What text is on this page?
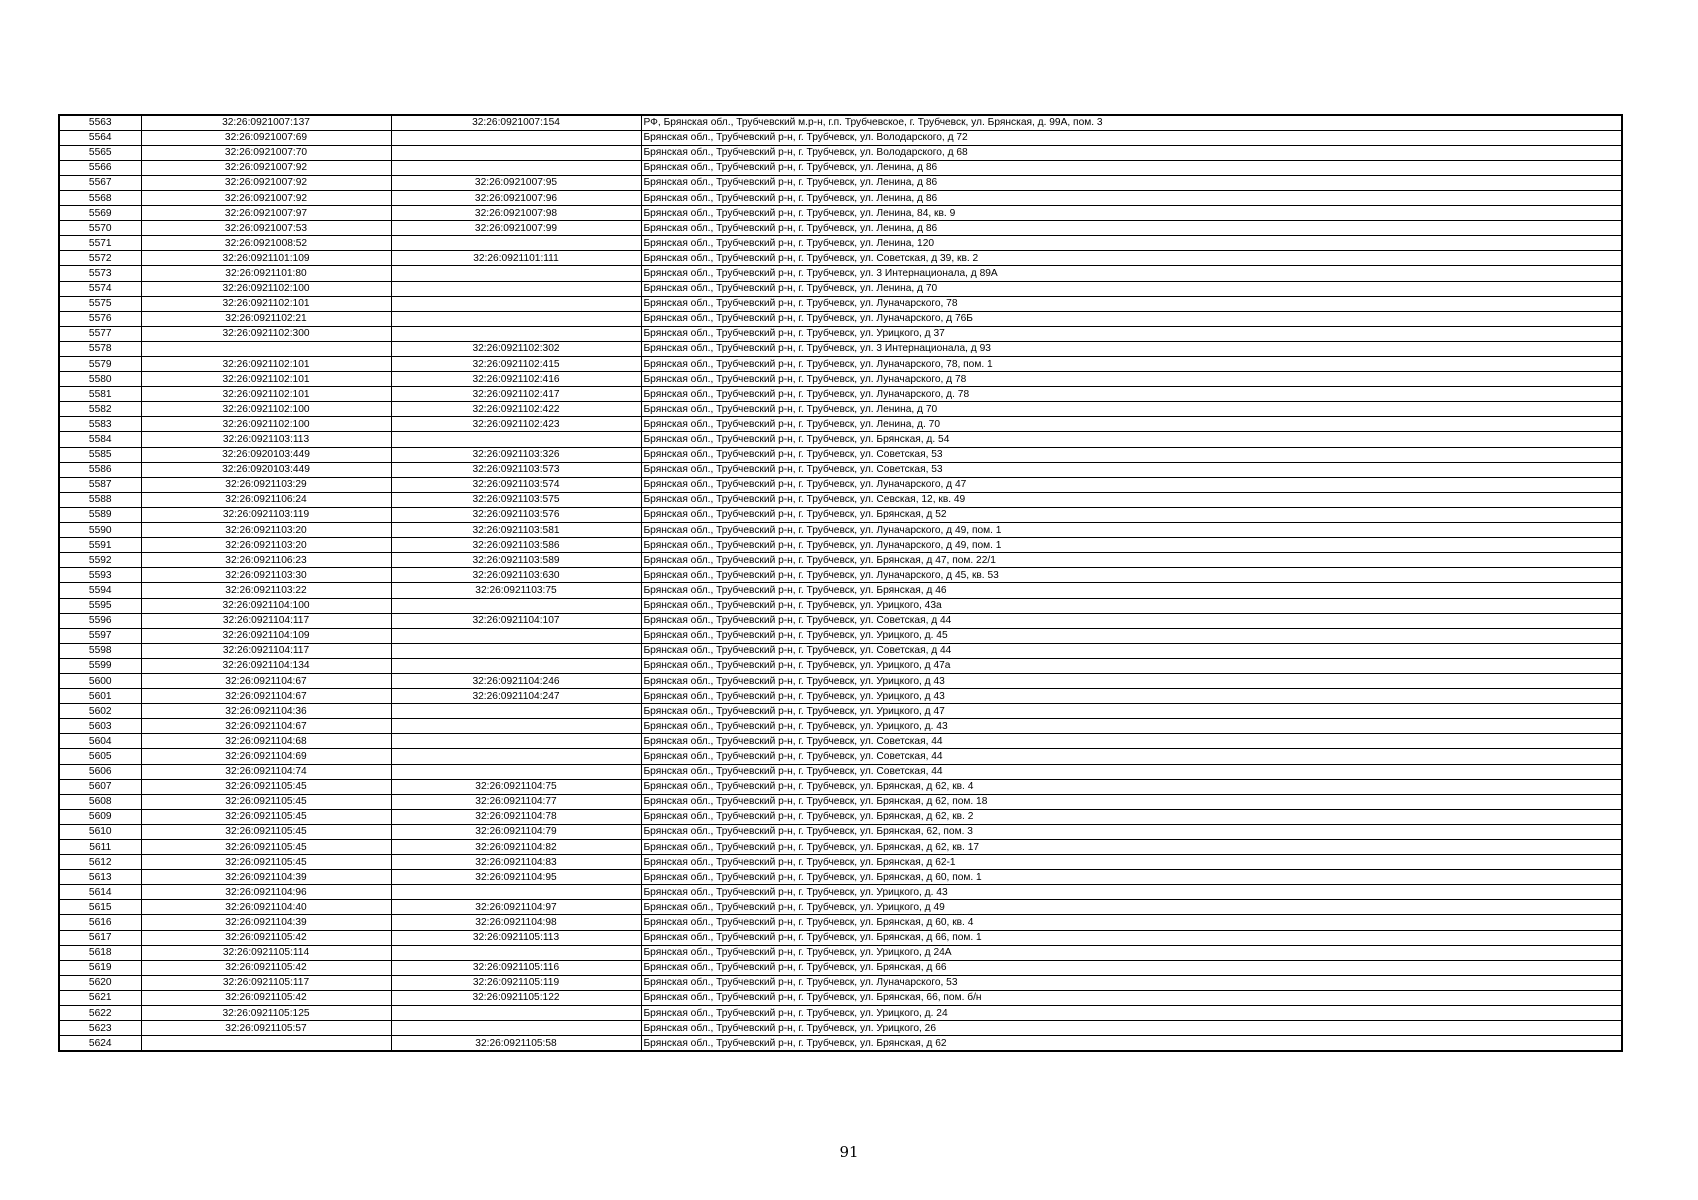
5563	32:26:0921007:137	32:26:0921007:154	РФ, Брянская обл., Трубчевский м.р-н, г.п. Трубчевское, г. Трубчевск, ул. Брянская, д. 99А, пом. 3
5564	32:26:0921007:69		Брянская обл., Трубчевский р-н, г. Трубчевск, ул. Володарского, д 72
5565	32:26:0921007:70		Брянская обл., Трубчевский р-н, г. Трубчевск, ул. Володарского, д 68
5566	32:26:0921007:92		Брянская обл., Трубчевский р-н, г. Трубчевск, ул. Ленина, д 86
5567	32:26:0921007:92	32:26:0921007:95	Брянская обл., Трубчевский р-н, г. Трубчевск, ул. Ленина, д 86
5568	32:26:0921007:92	32:26:0921007:96	Брянская обл., Трубчевский р-н, г. Трубчевск, ул. Ленина, д 86
5569	32:26:0921007:97	32:26:0921007:98	Брянская обл., Трубчевский р-н, г. Трубчевск, ул. Ленина, 84, кв. 9
5570	32:26:0921007:53	32:26:0921007:99	Брянская обл., Трубчевский р-н, г. Трубчевск, ул. Ленина, д 86
5571	32:26:0921008:52		Брянская обл., Трубчевский р-н, г. Трубчевск, ул. Ленина, 120
5572	32:26:0921101:109	32:26:0921101:111	Брянская обл., Трубчевский р-н, г. Трубчевск, ул. Советская, д 39, кв. 2
5573	32:26:0921101:80		Брянская обл., Трубчевский р-н, г. Трубчевск, ул. 3 Интернационала, д 89А
5574	32:26:0921102:100		Брянская обл., Трубчевский р-н, г. Трубчевск, ул. Ленина, д 70
5575	32:26:0921102:101		Брянская обл., Трубчевский р-н, г. Трубчевск, ул. Луначарского, 78
5576	32:26:0921102:21		Брянская обл., Трубчевский р-н, г. Трубчевск, ул. Луначарского, д 76Б
5577	32:26:0921102:300		Брянская обл., Трубчевский р-н, г. Трубчевск, ул. Урицкого, д 37
5578		32:26:0921102:302	Брянская обл., Трубчевский р-н, г. Трубчевск, ул. 3 Интернационала, д 93
5579	32:26:0921102:101	32:26:0921102:415	Брянская обл., Трубчевский р-н, г. Трубчевск, ул. Луначарского, 78, пом. 1
5580	32:26:0921102:101	32:26:0921102:416	Брянская обл., Трубчевский р-н, г. Трубчевск, ул. Луначарского, д 78
5581	32:26:0921102:101	32:26:0921102:417	Брянская обл., Трубчевский р-н, г. Трубчевск, ул. Луначарского, д. 78
5582	32:26:0921102:100	32:26:0921102:422	Брянская обл., Трубчевский р-н, г. Трубчевск, ул. Ленина, д 70
5583	32:26:0921102:100	32:26:0921102:423	Брянская обл., Трубчевский р-н, г. Трубчевск, ул. Ленина, д. 70
5584	32:26:0921103:113		Брянская обл., Трубчевский р-н, г. Трубчевск, ул. Брянская, д. 54
5585	32:26:0920103:449	32:26:0921103:326	Брянская обл., Трубчевский р-н, г. Трубчевск, ул. Советская, 53
5586	32:26:0920103:449	32:26:0921103:573	Брянская обл., Трубчевский р-н, г. Трубчевск, ул. Советская, 53
5587	32:26:0921103:29	32:26:0921103:574	Брянская обл., Трубчевский р-н, г. Трубчевск, ул. Луначарского, д 47
5588	32:26:0921106:24	32:26:0921103:575	Брянская обл., Трубчевский р-н, г. Трубчевск, ул. Севская, 12, кв. 49
5589	32:26:0921103:119	32:26:0921103:576	Брянская обл., Трубчевский р-н, г. Трубчевск, ул. Брянская, д 52
5590	32:26:0921103:20	32:26:0921103:581	Брянская обл., Трубчевский р-н, г. Трубчевск, ул. Луначарского, д 49, пом. 1
5591	32:26:0921103:20	32:26:0921103:586	Брянская обл., Трубчевский р-н, г. Трубчевск, ул. Луначарского, д 49, пом. 1
5592	32:26:0921106:23	32:26:0921103:589	Брянская обл., Трубчевский р-н, г. Трубчевск, ул. Брянская, д 47, пом. 22/1
5593	32:26:0921103:30	32:26:0921103:630	Брянская обл., Трубчевский р-н, г. Трубчевск, ул. Луначарского, д 45, кв. 53
5594	32:26:0921103:22	32:26:0921103:75	Брянская обл., Трубчевский р-н, г. Трубчевск, ул. Брянская, д 46
5595	32:26:0921104:100		Брянская обл., Трубчевский р-н, г. Трубчевск, ул. Урицкого, 43а
5596	32:26:0921104:117	32:26:0921104:107	Брянская обл., Трубчевский р-н, г. Трубчевск, ул. Советская, д 44
5597	32:26:0921104:109		Брянская обл., Трубчевский р-н, г. Трубчевск, ул. Урицкого, д. 45
5598	32:26:0921104:117		Брянская обл., Трубчевский р-н, г. Трубчевск, ул. Советская, д 44
5599	32:26:0921104:134		Брянская обл., Трубчевский р-н, г. Трубчевск, ул. Урицкого, д 47а
5600	32:26:0921104:67	32:26:0921104:246	Брянская обл., Трубчевский р-н, г. Трубчевск, ул. Урицкого, д 43
5601	32:26:0921104:67	32:26:0921104:247	Брянская обл., Трубчевский р-н, г. Трубчевск, ул. Урицкого, д 43
5602	32:26:0921104:36		Брянская обл., Трубчевский р-н, г. Трубчевск, ул. Урицкого, д 47
5603	32:26:0921104:67		Брянская обл., Трубчевский р-н, г. Трубчевск, ул. Урицкого, д. 43
5604	32:26:0921104:68		Брянская обл., Трубчевский р-н, г. Трубчевск, ул. Советская, 44
5605	32:26:0921104:69		Брянская обл., Трубчевский р-н, г. Трубчевск, ул. Советская, 44
5606	32:26:0921104:74		Брянская обл., Трубчевский р-н, г. Трубчевск, ул. Советская, 44
5607	32:26:0921105:45	32:26:0921104:75	Брянская обл., Трубчевский р-н, г. Трубчевск, ул. Брянская, д 62, кв. 4
5608	32:26:0921105:45	32:26:0921104:77	Брянская обл., Трубчевский р-н, г. Трубчевск, ул. Брянская, д 62, пом. 18
5609	32:26:0921105:45	32:26:0921104:78	Брянская обл., Трубчевский р-н, г. Трубчевск, ул. Брянская, д 62, кв. 2
5610	32:26:0921105:45	32:26:0921104:79	Брянская обл., Трубчевский р-н, г. Трубчевск, ул. Брянская, 62, пом. 3
5611	32:26:0921105:45	32:26:0921104:82	Брянская обл., Трубчевский р-н, г. Трубчевск, ул. Брянская, д 62, кв. 17
5612	32:26:0921105:45	32:26:0921104:83	Брянская обл., Трубчевский р-н, г. Трубчевск, ул. Брянская, д 62-1
5613	32:26:0921104:39	32:26:0921104:95	Брянская обл., Трубчевский р-н, г. Трубчевск, ул. Брянская, д 60, пом. 1
5614	32:26:0921104:96		Брянская обл., Трубчевский р-н, г. Трубчевск, ул. Урицкого, д. 43
5615	32:26:0921104:40	32:26:0921104:97	Брянская обл., Трубчевский р-н, г. Трубчевск, ул. Урицкого, д 49
5616	32:26:0921104:39	32:26:0921104:98	Брянская обл., Трубчевский р-н, г. Трубчевск, ул. Брянская, д 60, кв. 4
5617	32:26:0921105:42	32:26:0921105:113	Брянская обл., Трубчевский р-н, г. Трубчевск, ул. Брянская, д 66, пом. 1
5618	32:26:0921105:114		Брянская обл., Трубчевский р-н, г. Трубчевск, ул. Урицкого, д 24А
5619	32:26:0921105:42	32:26:0921105:116	Брянская обл., Трубчевский р-н, г. Трубчевск, ул. Брянская, д 66
5620	32:26:0921105:117	32:26:0921105:119	Брянская обл., Трубчевский р-н, г. Трубчевск, ул. Луначарского, 53
5621	32:26:0921105:42	32:26:0921105:122	Брянская обл., Трубчевский р-н, г. Трубчевск, ул. Брянская, 66, пом. б/н
5622	32:26:0921105:125		Брянская обл., Трубчевский р-н, г. Трубчевск, ул. Урицкого, д. 24
5623	32:26:0921105:57		Брянская обл., Трубчевский р-н, г. Трубчевск, ул. Урицкого, 26
5624		32:26:0921105:58	Брянская обл., Трубчевский р-н, г. Трубчевск, ул. Брянская, д 62
91
